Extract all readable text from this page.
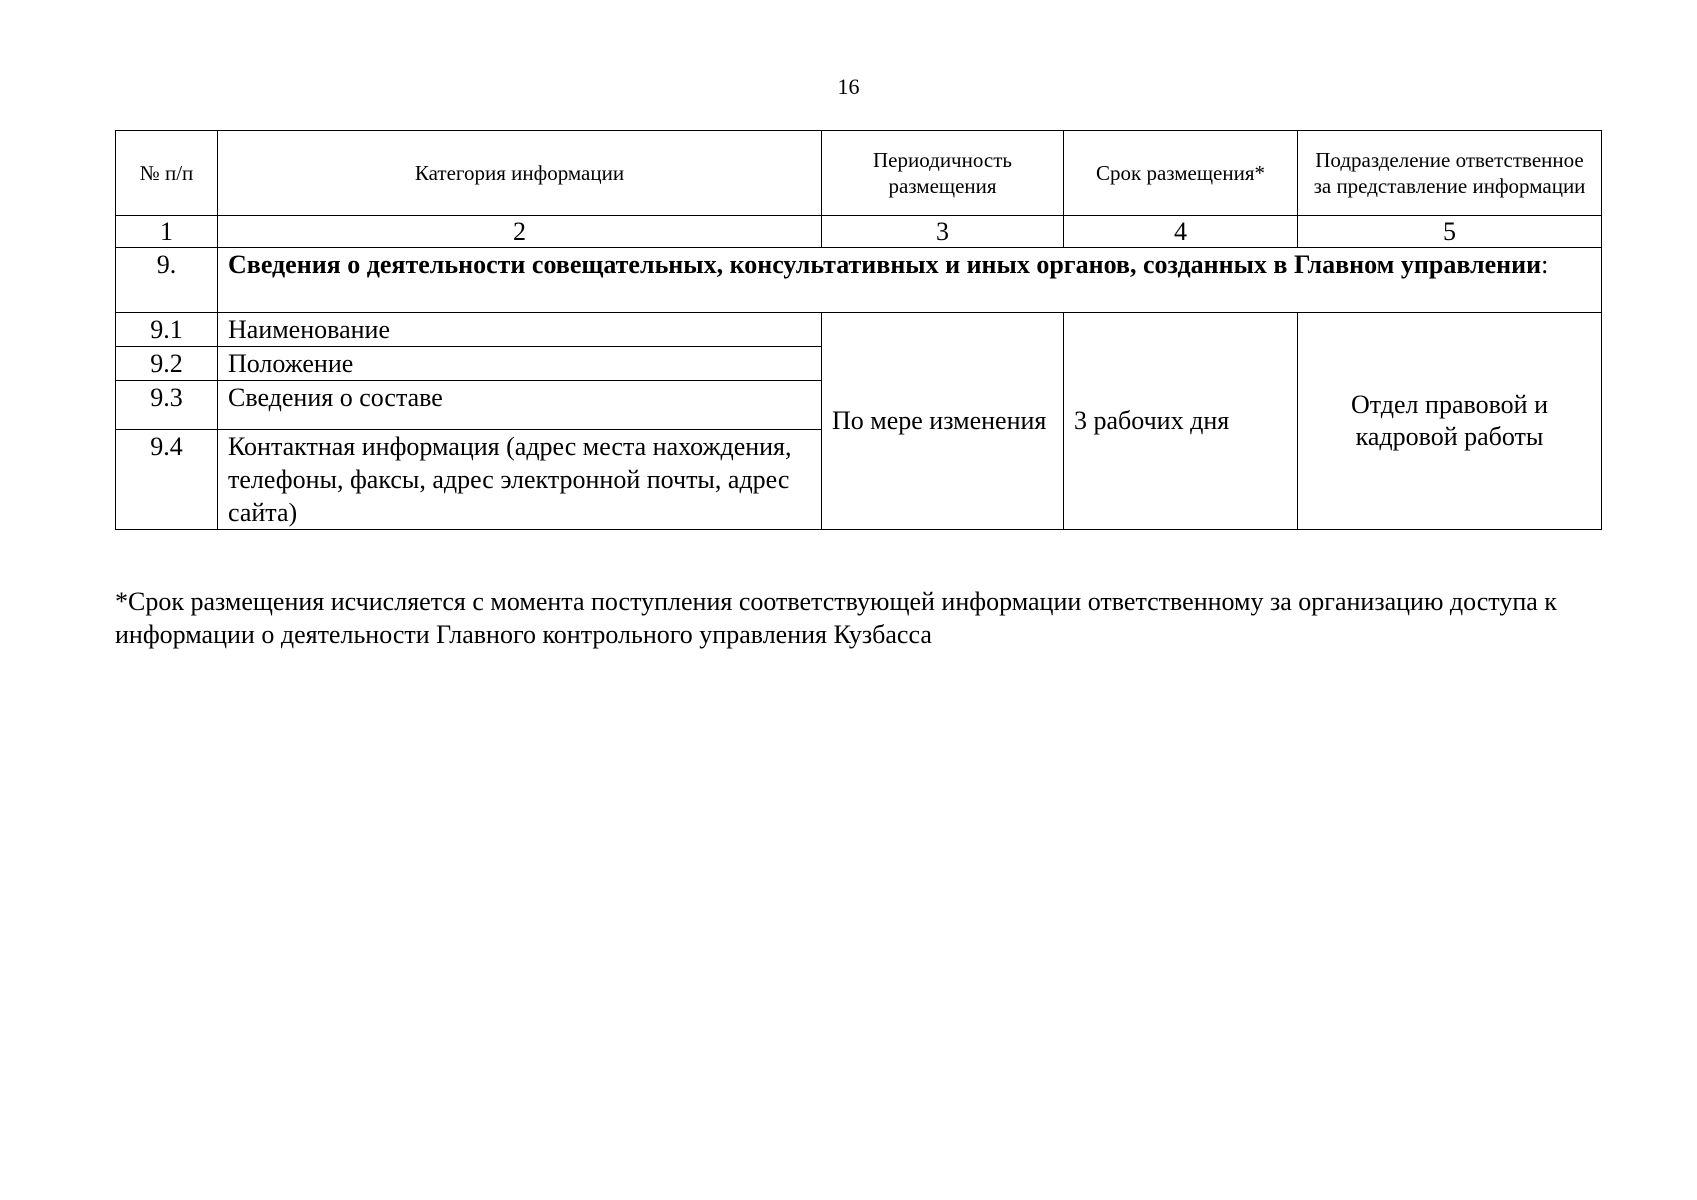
16
№ п/п	Категория информации	Периодичность размещения	Срок размещения*	Подразделение ответственное за представление информации
1	2	3	4	5
9.	Сведения о деятельности совещательных, консультативных и иных органов, созданных в Главном управлении:			
9.1	Наименование	По мере изменения	3 рабочих дня	Отдел правовой и кадровой работы
9.2	Положение			
9.3	Сведения о составе			
9.4	Контактная информация (адрес места нахождения, телефоны, факсы, адрес электронной почты, адрес сайта)			
*Срок размещения исчисляется с момента поступления соответствующей информации ответственному за организацию доступа к информации о деятельности Главного контрольного управления Кузбасса
